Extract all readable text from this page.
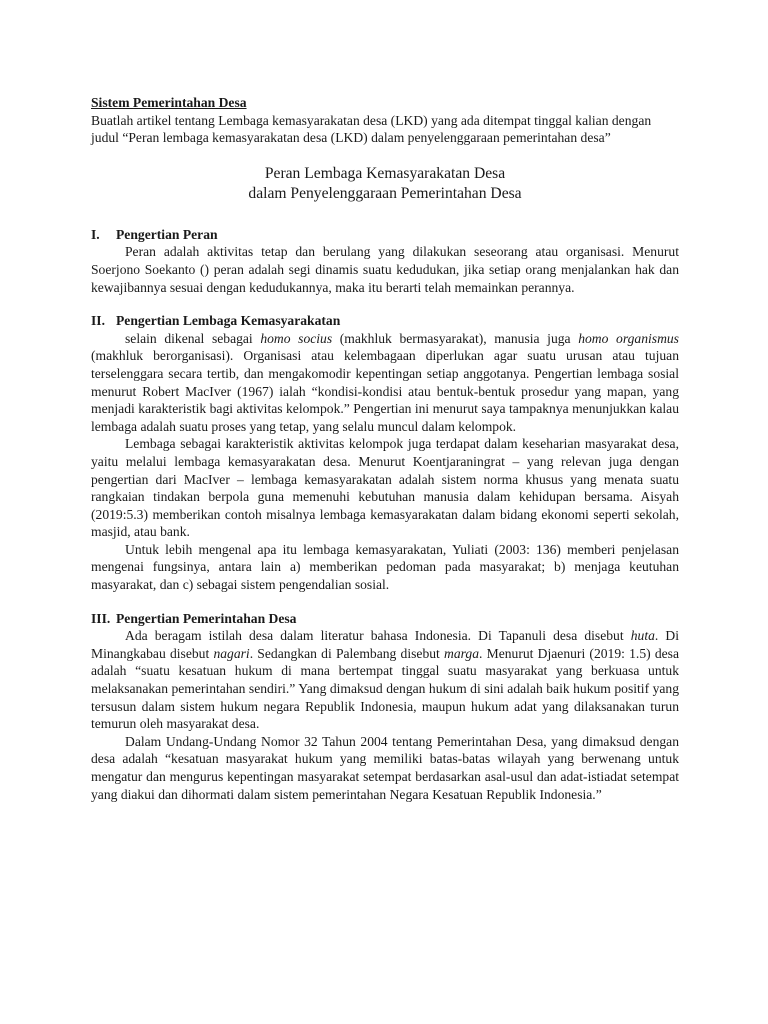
Sistem Pemerintahan Desa

Buatlah artikel tentang Lembaga kemasyarakatan desa (LKD) yang ada ditempat tinggal kalian dengan judul “Peran lembaga kemasyarakatan desa (LKD) dalam penyelenggaraan pemerintahan desa”

Peran Lembaga Kemasyarakatan Desa
dalam Penyelenggaraan Pemerintahan Desa
I. Pengertian Peran

Peran adalah aktivitas tetap dan berulang yang dilakukan seseorang atau organisasi. Menurut Soerjono Soekanto () peran adalah segi dinamis suatu kedudukan, jika setiap orang menjalankan hak dan kewajibannya sesuai dengan kedudukannya, maka itu berarti telah memainkan perannya.

II. Pengertian Lembaga Kemasyarakatan

selain dikenal sebagai homo socius (makhluk bermasyarakat), manusia juga homo organismus (makhluk berorganisasi). Organisasi atau kelembagaan diperlukan agar suatu urusan atau tujuan terselenggara secara tertib, dan mengakomodir kepentingan setiap anggotanya. Pengertian lembaga sosial menurut Robert MacIver (1967) ialah “kondisi-kondisi atau bentuk-bentuk prosedur yang mapan, yang menjadi karakteristik bagi aktivitas kelompok.” Pengertian ini menurut saya tampaknya menunjukkan kalau lembaga adalah suatu proses yang tetap, yang selalu muncul dalam kelompok.

Lembaga sebagai karakteristik aktivitas kelompok juga terdapat dalam keseharian masyarakat desa, yaitu melalui lembaga kemasyarakatan desa. Menurut Koentjaraningrat – yang relevan juga dengan pengertian dari MacIver – lembaga kemasyarakatan adalah sistem norma khusus yang menata suatu rangkaian tindakan berpola guna memenuhi kebutuhan manusia dalam kehidupan bersama. Aisyah (2019:5.3) memberikan contoh misalnya lembaga kemasyarakatan dalam bidang ekonomi seperti sekolah, masjid, atau bank.

Untuk lebih mengenal apa itu lembaga kemasyarakatan, Yuliati (2003: 136) memberi penjelasan mengenai fungsinya, antara lain a) memberikan pedoman pada masyarakat; b) menjaga keutuhan masyarakat, dan c) sebagai sistem pengendalian sosial.

III. Pengertian Pemerintahan Desa

Ada beragam istilah desa dalam literatur bahasa Indonesia. Di Tapanuli desa disebut huta. Di Minangkabau disebut nagari. Sedangkan di Palembang disebut marga. Menurut Djaenuri (2019: 1.5) desa adalah “suatu kesatuan hukum di mana bertempat tinggal suatu masyarakat yang berkuasa untuk melaksanakan pemerintahan sendiri.” Yang dimaksud dengan hukum di sini adalah baik hukum positif yang tersusun dalam sistem hukum negara Republik Indonesia, maupun hukum adat yang dilaksanakan turun temurun oleh masyarakat desa.

Dalam Undang-Undang Nomor 32 Tahun 2004 tentang Pemerintahan Desa, yang dimaksud dengan desa adalah “kesatuan masyarakat hukum yang memiliki batas-batas wilayah yang berwenang untuk mengatur dan mengurus kepentingan masyarakat setempat berdasarkan asal-usul dan adat-istiadat setempat yang diakui dan dihormati dalam sistem pemerintahan Negara Kesatuan Republik Indonesia.”
